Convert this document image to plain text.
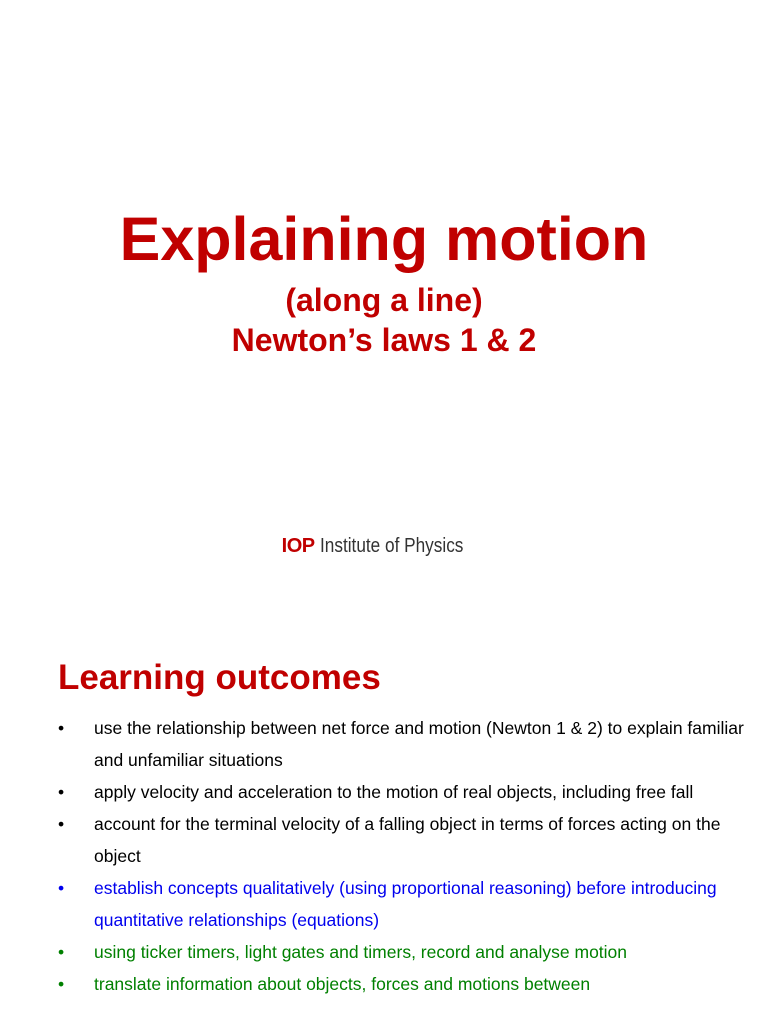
Explaining motion
(along a line)
Newton’s laws 1 & 2
IOP Institute of Physics
Learning outcomes
• use the relationship between net force and motion (Newton 1 & 2) to explain familiar and unfamiliar situations
• apply velocity and acceleration to the motion of real objects, including free fall
• account for the terminal velocity of a falling object in terms of forces acting on the object
• establish concepts qualitatively (using proportional reasoning) before introducing quantitative relationships (equations)
• using ticker timers, light gates and timers, record and analyse motion
• translate information about objects, forces and motions between
